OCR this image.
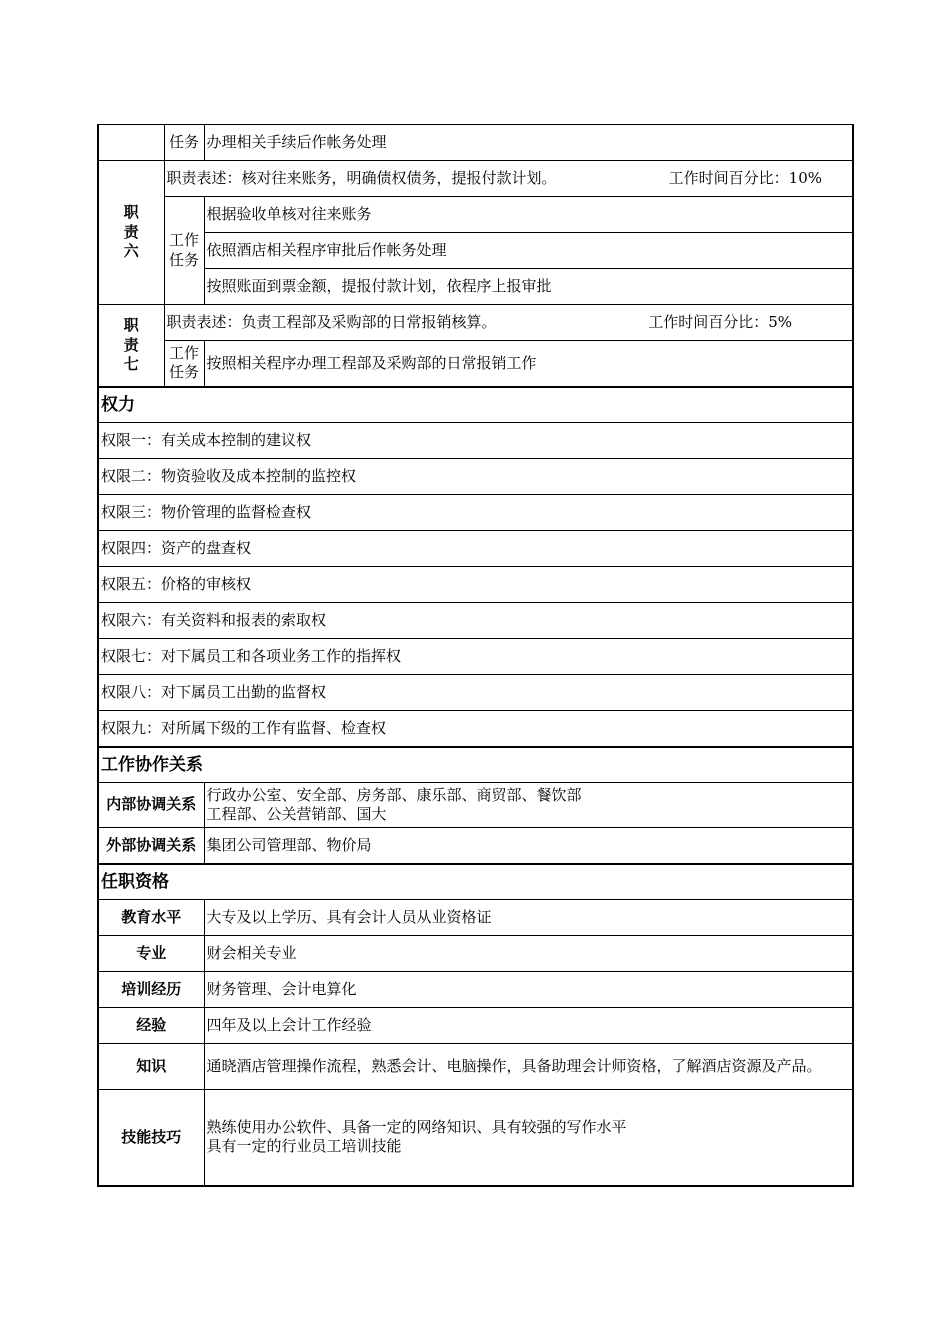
	任务	办理相关手续后作帐务处理

职
责
六	职责表述：核对往来账务，明确债权债务，提报付款计划。 工作时间百分比：10%	

	工作
任务	根据验收单核对往来账务
		依照酒店相关程序审批后作帐务处理
		按照账面到票金额，提报付款计划，依程序上报审批

职
责
七	职责表述：负责工程部及采购部的日常报销核算。 工作时间百分比：5%	

	工作
任务	按照相关程序办理工程部及采购部的日常报销工作
权力		
权限一：有关成本控制的建议权		
权限二：物资验收及成本控制的监控权		
权限三：物价管理的监督检查权		
权限四：资产的盘查权		
权限五：价格的审核权		
权限六：有关资料和报表的索取权		
权限七：对下属员工和各项业务工作的指挥权		
权限八：对下属员工出勤的监督权		
权限九：对所属下级的工作有监督、检查权		
工作协作关系		
内部协调关系		行政办公室、安全部、房务部、康乐部、商贸部、餐饮部
工程部、公关营销部、国大

外部协调关系		集团公司管理部、物价局
任职资格		
教育水平		大专及以上学历、具有会计人员从业资格证
专业		财会相关专业
培训经历		财务管理、会计电算化
经验		四年及以上会计工作经验
知识		通晓酒店管理操作流程，熟悉会计、电脑操作，具备助理会计师资格，了解酒店资源及产品。
技能技巧		熟练使用办公软件、具备一定的网络知识、具有较强的写作水平
具有一定的行业员工培训技能
